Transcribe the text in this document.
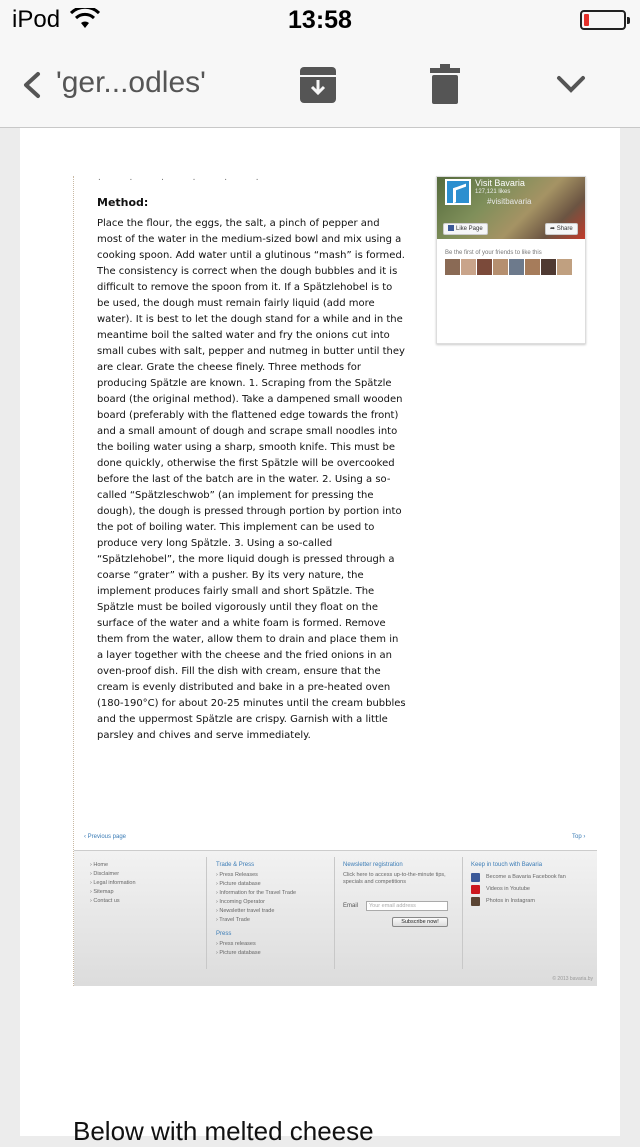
iPod	13:58
'ger...odles'
. . . . . .
Method:
Place the flour, the eggs, the salt, a pinch of pepper and most of the water in the medium-sized bowl and mix using a cooking spoon. Add water until a glutinous “mash” is formed. The consistency is correct when the dough bubbles and it is difficult to remove the spoon from it. If a Spätzlehobel is to be used, the dough must remain fairly liquid (add more water). It is best to let the dough stand for a while and in the meantime boil the salted water and fry the onions cut into small cubes with salt, pepper and nutmeg in butter until they are clear. Grate the cheese finely. Three methods for producing Spätzle are known. 1. Scraping from the Spätzle board (the original method). Take a dampened small wooden board (preferably with the flattened edge towards the front) and a small amount of dough and scrape small noodles into the boiling water using a sharp, smooth knife. This must be done quickly, otherwise the first Spätzle will be overcooked before the last of the batch are in the water. 2. Using a so-called “Spätzleschwob” (an implement for pressing the dough), the dough is pressed through portion by portion into the pot of boiling water. This implement can be used to produce very long Spätzle. 3. Using a so-called “Spätzlehobel”, the more liquid dough is pressed through a coarse “grater” with a pusher. By its very nature, the implement produces fairly small and short Spätzle. The Spätzle must be boiled vigorously until they float on the surface of the water and a white foam is formed. Remove them from the water, allow them to drain and place them in a layer together with the cheese and the fried onions in an oven-proof dish. Fill the dish with cream, ensure that the cream is evenly distributed and bake in a pre-heated oven (180-190°C) for about 20-25 minutes until the cream bubbles and the uppermost Spätzle are crispy. Garnish with a little parsley and chives and serve immediately.
Visit Bavaria
127,121 likes
#visitbavaria
Like Page	➦ Share
Be the first of your friends to like this
‹ Previous page	Top ›
› Home
› Disclaimer
› Legal information
› Sitemap
› Contact us
Trade & Press
› Press Releases
› Picture database
› Information for the Travel Trade
› Incoming Operator
› Newsletter travel trade
› Travel Trade
Press
› Press releases
› Picture database
Newsletter registration
Click here to access up-to-the-minute tips, specials and competitions
Email	Your email address
Subscribe now!
Keep in touch with Bavaria
Become a Bavaria Facebook fan
Videos in Youtube
Photos in Instagram
© 2013 bavaria.by
Below with melted cheese
